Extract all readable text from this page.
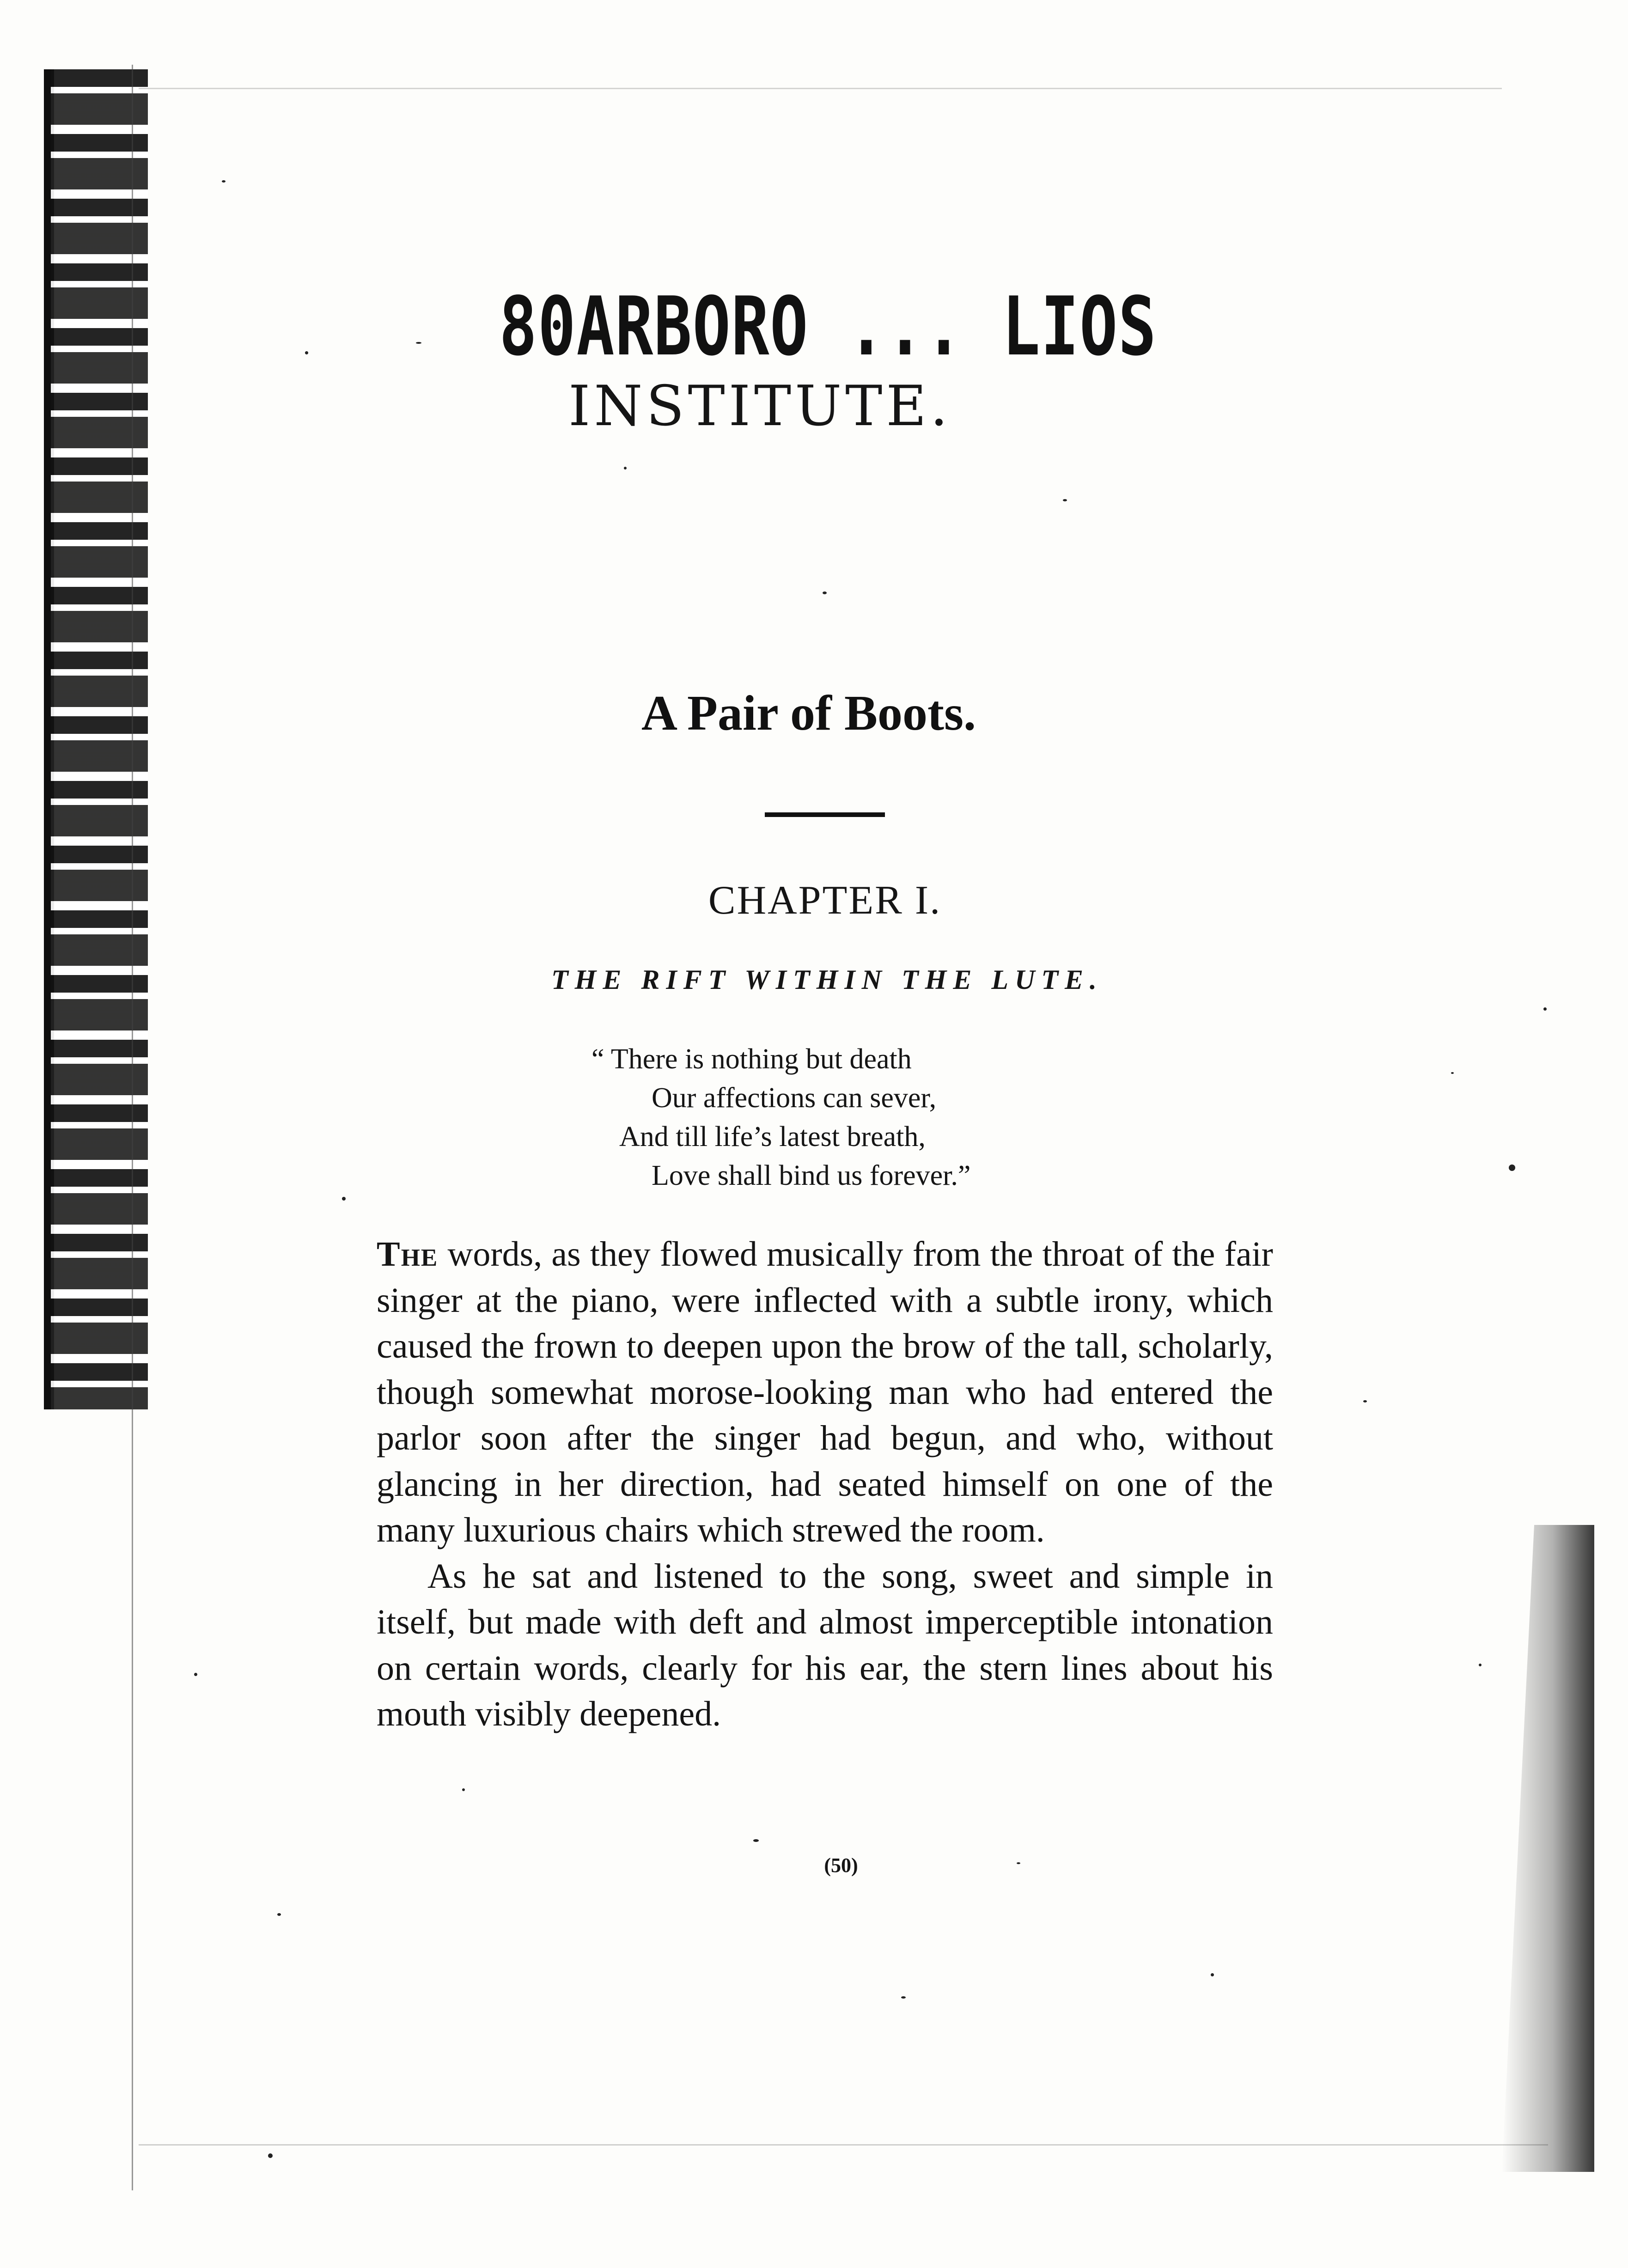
80ARBORO ... LIOS
INSTITUTE.
A Pair of Boots.
CHAPTER I.
THE RIFT WITHIN THE LUTE.
“ There is nothing but death
Our affections can sever,
And till life’s latest breath,
Love shall bind us forever.”

The words, as they flowed musically from the throat of the fair singer at the piano, were inflected with a subtle irony, which caused the frown to deepen upon the brow of the tall, scholarly, though somewhat morose-looking man who had entered the parlor soon after the singer had begun, and who, without glancing in her direction, had seated himself on one of the many luxurious chairs which strewed the room.

As he sat and listened to the song, sweet and simple in itself, but made with deft and almost imperceptible intonation on certain words, clearly for his ear, the stern lines about his mouth visibly deepened.

(50)
